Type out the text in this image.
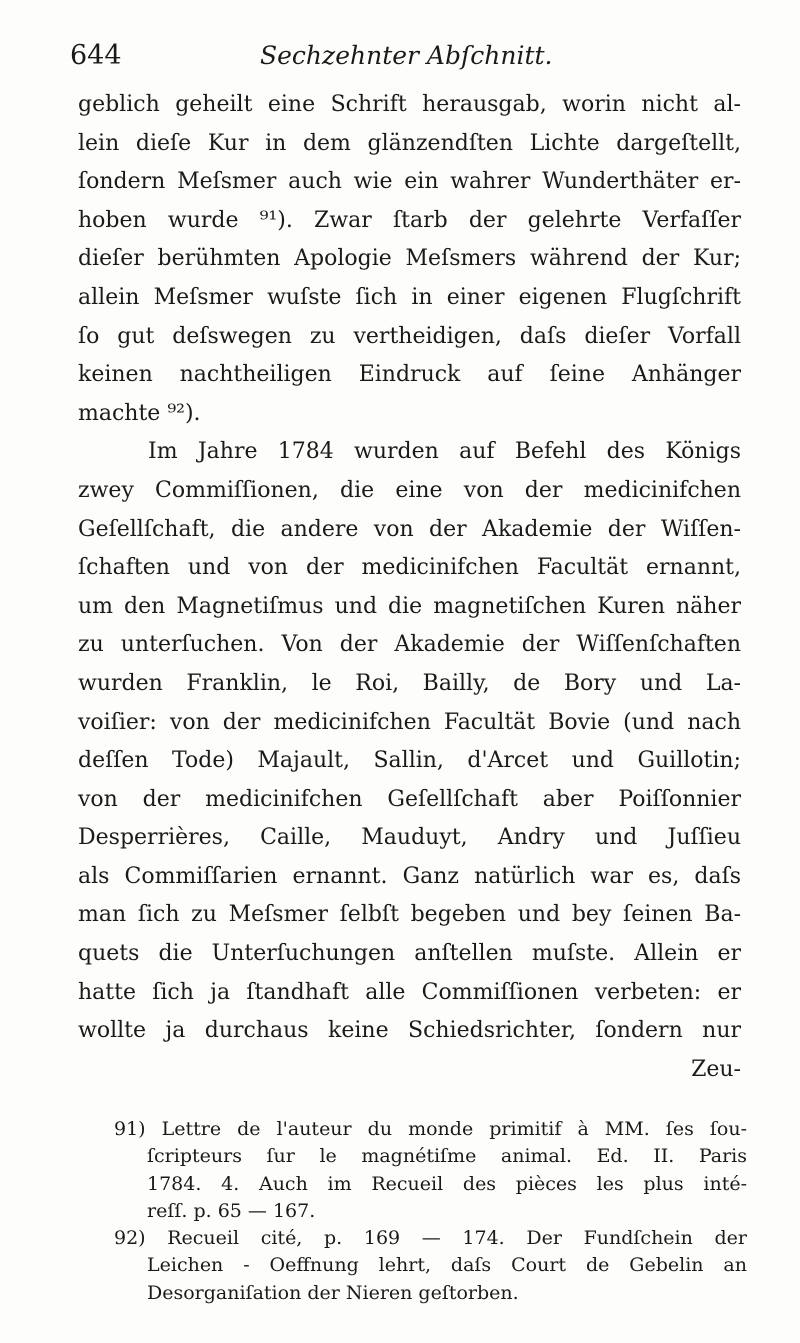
644	Sechzehnter Abſchnitt.
geblich geheilt eine Schrift herausgab, worin nicht al-
lein dieſe Kur in dem glänzendſten Lichte dargeſtellt,
ſondern Meſsmer auch wie ein wahrer Wunderthäter er-
hoben wurde ⁹¹). Zwar ſtarb der gelehrte Verfaſſer
dieſer berühmten Apologie Meſsmers während der Kur;
allein Meſsmer wuſste ſich in einer eigenen Flugſchrift
ſo gut deſswegen zu vertheidigen, daſs dieſer Vorfall
keinen nachtheiligen Eindruck auf ſeine Anhänger
machte ⁹²).
Im Jahre 1784 wurden auf Befehl des Königs
zwey Commiſſionen, die eine von der medicinifchen
Geſellſchaft, die andere von der Akademie der Wiſſen-
ſchaften und von der medicinifchen Facultät ernannt,
um den Magnetiſmus und die magnetiſchen Kuren näher
zu unterſuchen. Von der Akademie der Wiſſenſchaften
wurden Franklin, le Roi, Bailly, de Bory und La-
voiſier: von der medicinifchen Facultät Bovie (und nach
deſſen Tode) Majault, Sallin, d'Arcet und Guillotin;
von der medicinifchen Geſellſchaft aber Poiſſonnier
Desperrières, Caille, Mauduyt, Andry und Juſſieu
als Commiſſarien ernannt. Ganz natürlich war es, daſs
man ſich zu Meſsmer ſelbſt begeben und bey ſeinen Ba-
quets die Unterſuchungen anſtellen muſste. Allein er
hatte ſich ja ſtandhaft alle Commiſſionen verbeten: er
wollte ja durchaus keine Schiedsrichter, ſondern nur
Zeu-
91) Lettre de l'auteur du monde primitif à MM. ſes ſou-
ſcripteurs ſur le magnétiſme animal. Ed. II. Paris
1784. 4. Auch im Recueil des pièces les plus inté-
reſſ. p. 65 — 167.
92) Recueil cité, p. 169 — 174. Der Fundſchein der
Leichen - Oeffnung lehrt, daſs Court de Gebelin an
Desorganiſation der Nieren geſtorben.
